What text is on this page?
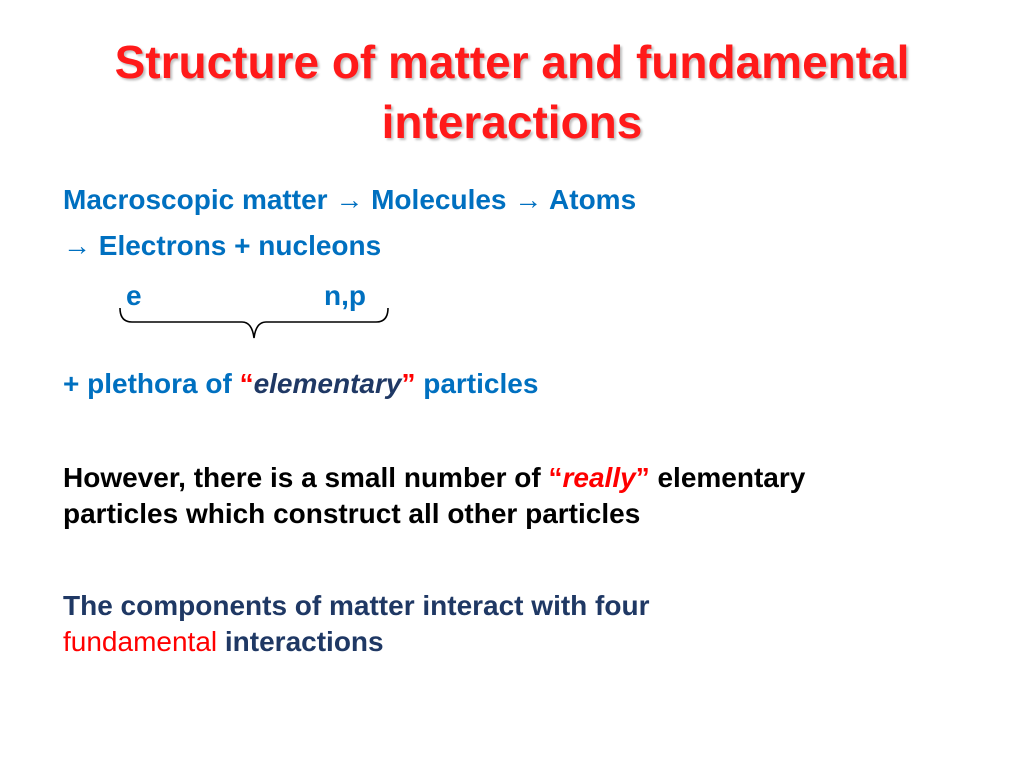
Structure of matter and fundamental
interactions
Macroscopic matter → Molecules → Atoms
→ Electrons + nucleons
e	n,p
+ plethora of “elementary” particles
However, there is a small number of “really” elementary
particles which construct all other particles
The components of matter interact with four
fundamental interactions
